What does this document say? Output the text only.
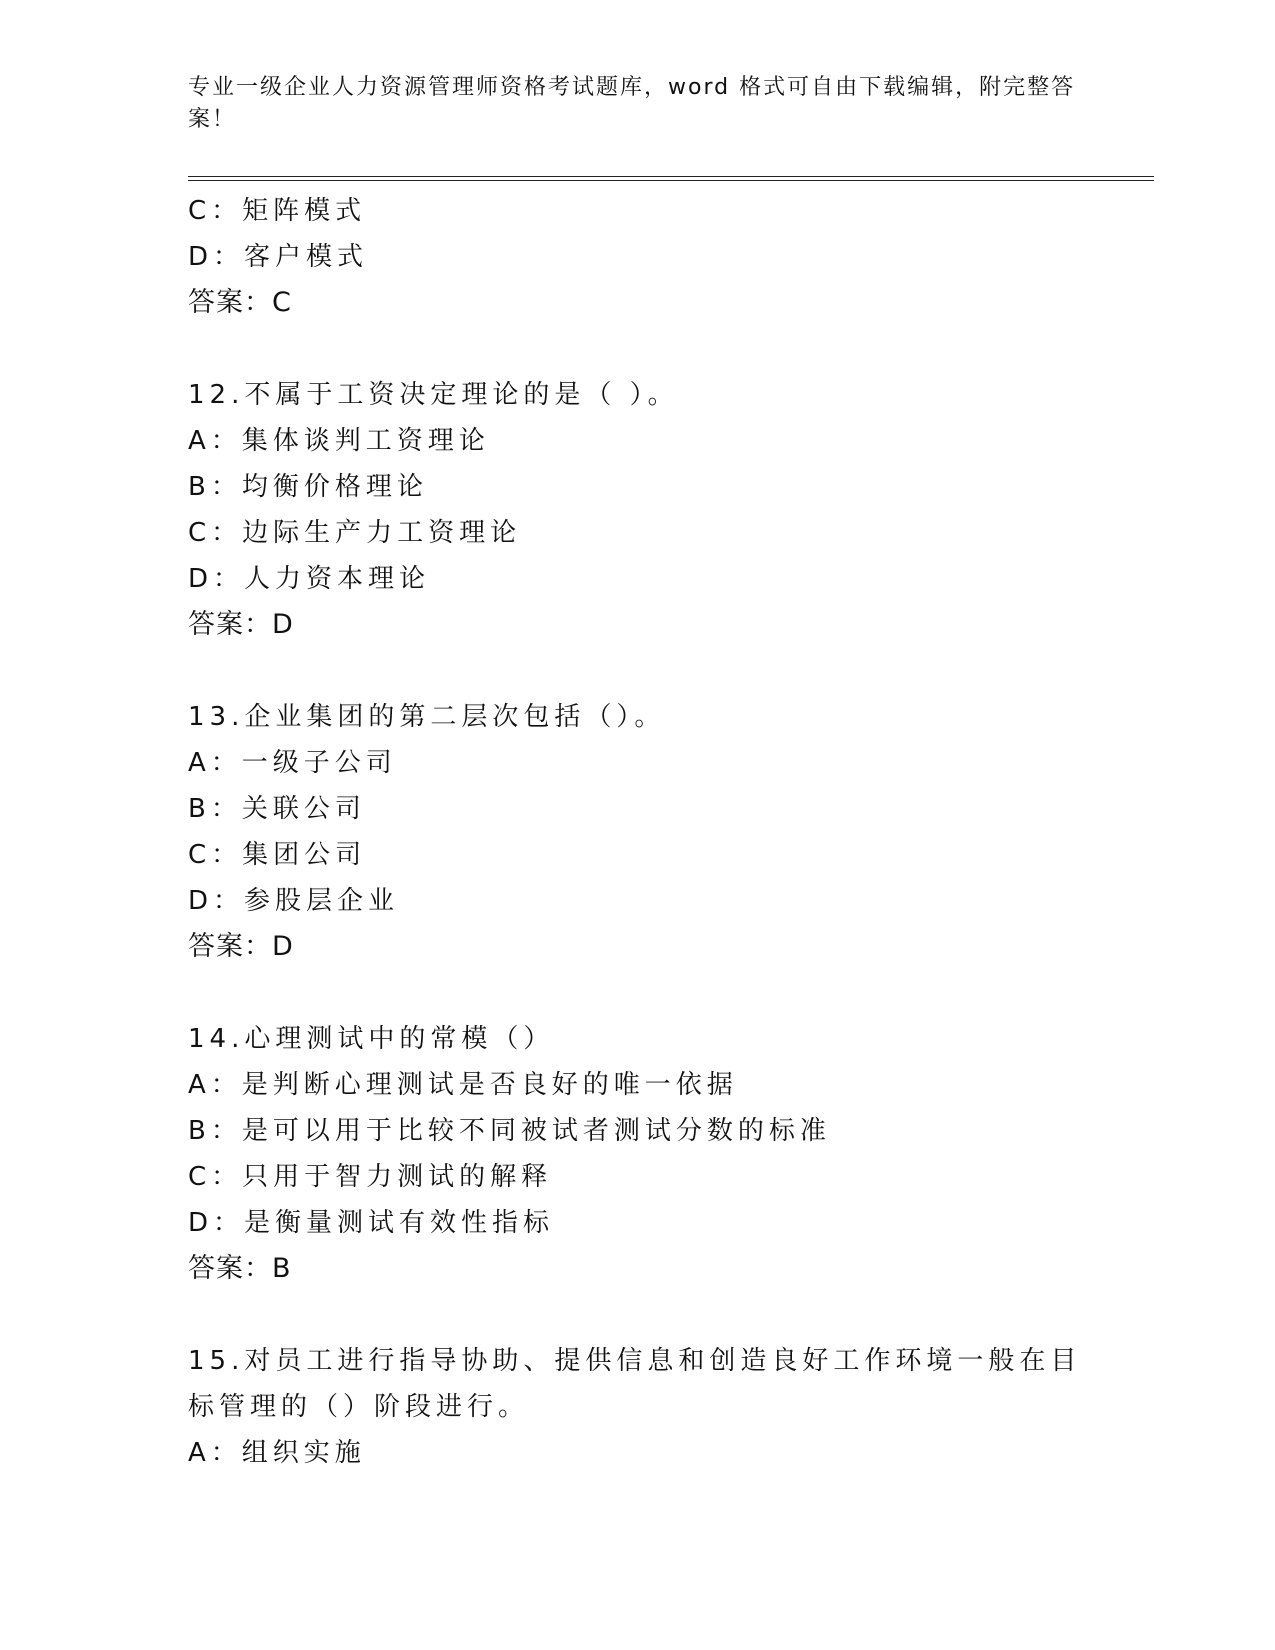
专业一级企业人力资源管理师资格考试题库，word 格式可自由下载编辑，附完整答案！
C：矩阵模式
D：客户模式
答案：C
12.不属于工资决定理论的是（ ）。
A：集体谈判工资理论
B：均衡价格理论
C：边际生产力工资理论
D：人力资本理论
答案：D
13.企业集团的第二层次包括（）。
A：一级子公司
B：关联公司
C：集团公司
D：参股层企业
答案：D
14.心理测试中的常模（）
A：是判断心理测试是否良好的唯一依据
B：是可以用于比较不同被试者测试分数的标准
C：只用于智力测试的解释
D：是衡量测试有效性指标
答案：B
15.对员工进行指导协助、提供信息和创造良好工作环境一般在目标管理的（）阶段进行。
A：组织实施
